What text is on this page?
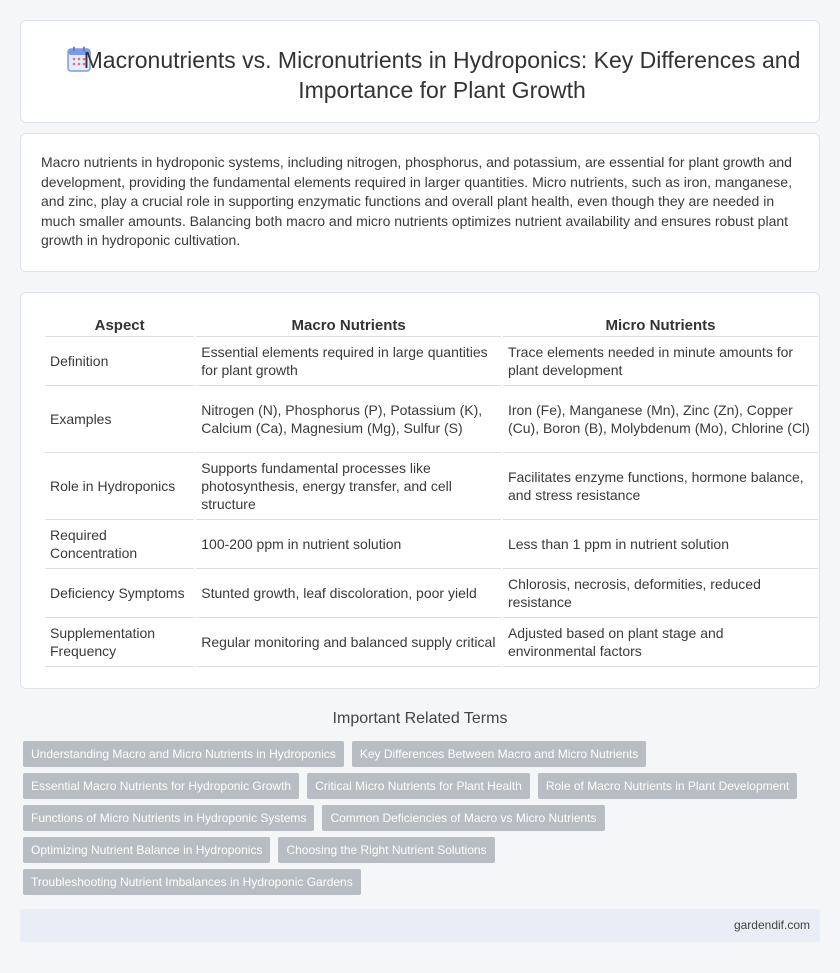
Macronutrients vs. Micronutrients in Hydroponics: Key Differences and Importance for Plant Growth

Macro nutrients in hydroponic systems, including nitrogen, phosphorus, and potassium, are essential for plant growth and development, providing the fundamental elements required in larger quantities. Micro nutrients, such as iron, manganese, and zinc, play a crucial role in supporting enzymatic functions and overall plant health, even though they are needed in much smaller amounts. Balancing both macro and micro nutrients optimizes nutrient availability and ensures robust plant growth in hydroponic cultivation.

Aspect	Macro Nutrients	Micro Nutrients
Definition	Essential elements required in large quantities for plant growth	Trace elements needed in minute amounts for plant development
Examples	Nitrogen (N), Phosphorus (P), Potassium (K), Calcium (Ca), Magnesium (Mg), Sulfur (S)	Iron (Fe), Manganese (Mn), Zinc (Zn), Copper (Cu), Boron (B), Molybdenum (Mo), Chlorine (Cl)
Role in Hydroponics	Supports fundamental processes like photosynthesis, energy transfer, and cell structure	Facilitates enzyme functions, hormone balance, and stress resistance
Required Concentration	100-200 ppm in nutrient solution	Less than 1 ppm in nutrient solution
Deficiency Symptoms	Stunted growth, leaf discoloration, poor yield	Chlorosis, necrosis, deformities, reduced resistance
Supplementation Frequency	Regular monitoring and balanced supply critical	Adjusted based on plant stage and environmental factors
Important Related Terms
Understanding Macro and Micro Nutrients in Hydroponics	Key Differences Between Macro and Micro Nutrients
Essential Macro Nutrients for Hydroponic Growth	Critical Micro Nutrients for Plant Health	Role of Macro Nutrients in Plant Development
Functions of Micro Nutrients in Hydroponic Systems	Common Deficiencies of Macro vs Micro Nutrients
Optimizing Nutrient Balance in Hydroponics	Choosing the Right Nutrient Solutions
Troubleshooting Nutrient Imbalances in Hydroponic Gardens
gardendif.com
